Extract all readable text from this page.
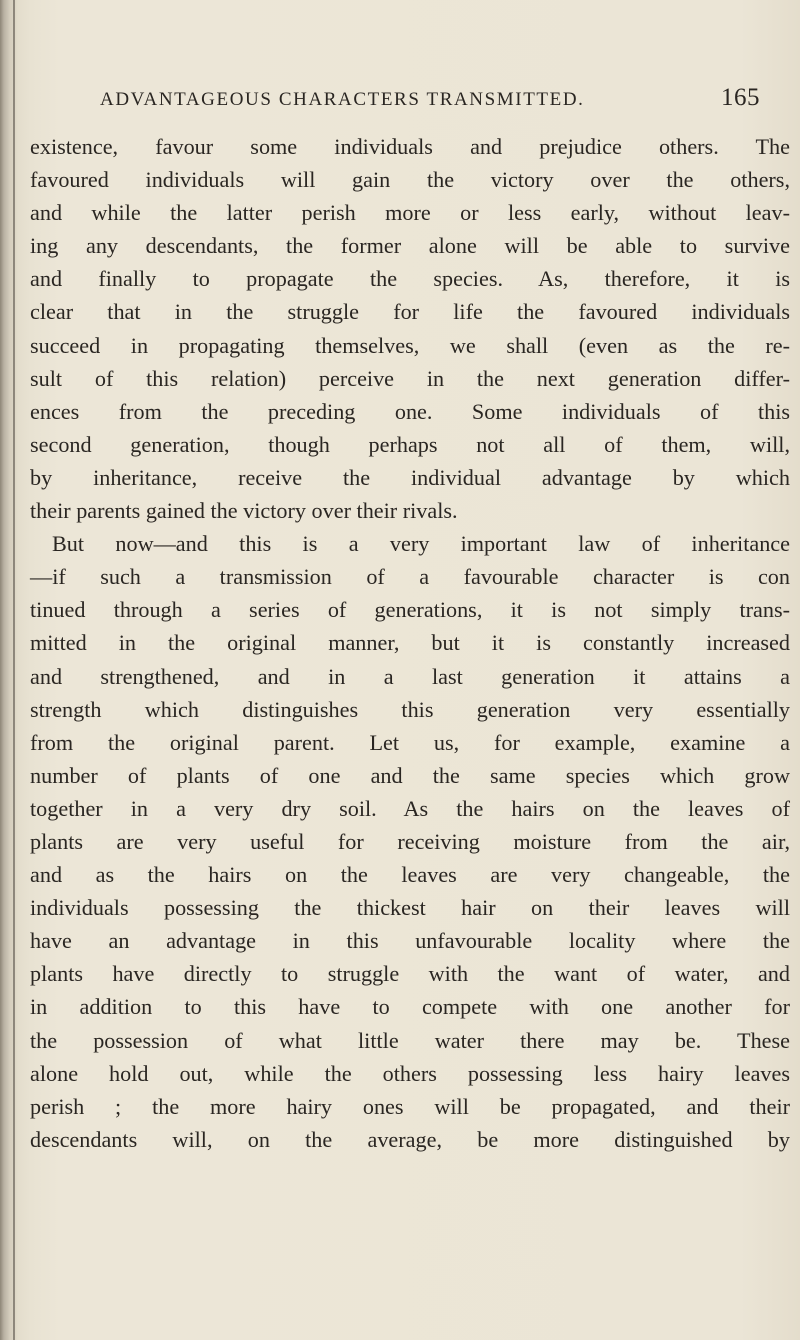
ADVANTAGEOUS CHARACTERS TRANSMITTED.	165
existence, favour some individuals and prejudice others. The
favoured individuals will gain the victory over the others,
and while the latter perish more or less early, without leav-
ing any descendants, the former alone will be able to survive
and finally to propagate the species. As, therefore, it is
clear that in the struggle for life the favoured individuals
succeed in propagating themselves, we shall (even as the re-
sult of this relation) perceive in the next generation differ-
ences from the preceding one. Some individuals of this
second generation, though perhaps not all of them, will,
by inheritance, receive the individual advantage by which
their parents gained the victory over their rivals.
But now—and this is a very important law of inheritance
—if such a transmission of a favourable character is con
tinued through a series of generations, it is not simply trans-
mitted in the original manner, but it is constantly increased
and strengthened, and in a last generation it attains a
strength which distinguishes this generation very essentially
from the original parent. Let us, for example, examine a
number of plants of one and the same species which grow
together in a very dry soil. As the hairs on the leaves of
plants are very useful for receiving moisture from the air,
and as the hairs on the leaves are very changeable, the
individuals possessing the thickest hair on their leaves will
have an advantage in this unfavourable locality where the
plants have directly to struggle with the want of water, and
in addition to this have to compete with one another for
the possession of what little water there may be. These
alone hold out, while the others possessing less hairy leaves
perish ; the more hairy ones will be propagated, and their
descendants will, on the average, be more distinguished by
